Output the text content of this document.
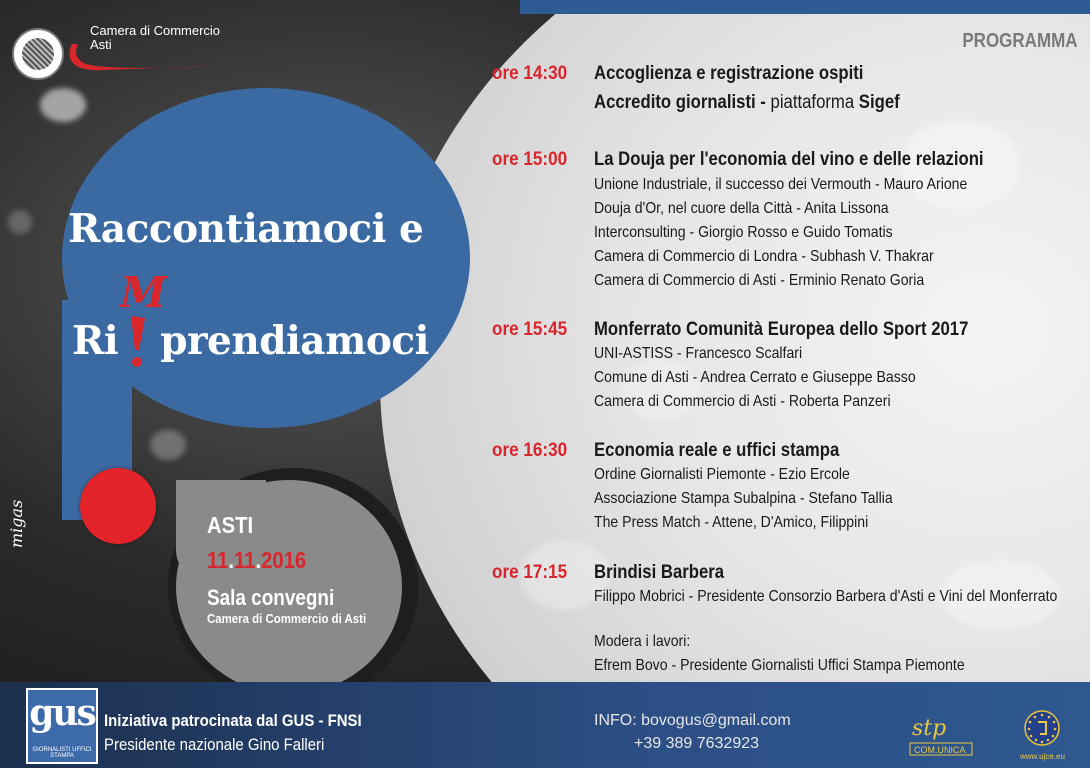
Camera di Commercio
Asti
Raccontiamoci e
Ri prendiamoci
M
migas	ASTI
11.11.2016
Sala convegni
Camera di Commercio di Asti
PROGRAMMA
ore 14:30 Accoglienza e registrazione ospiti
Accredito giornalisti - piattaforma Sigef
ore 15:00 La Douja per l'economia del vino e delle relazioni
Unione Industriale, il successo dei Vermouth - Mauro Arione
Douja d'Or, nel cuore della Città - Anita Lissona
Interconsulting - Giorgio Rosso e Guido Tomatis
Camera di Commercio di Londra - Subhash V. Thakrar
Camera di Commercio di Asti - Erminio Renato Goria
ore 15:45 Monferrato Comunità Europea dello Sport 2017
UNI-ASTISS - Francesco Scalfari
Comune di Asti - Andrea Cerrato e Giuseppe Basso
Camera di Commercio di Asti - Roberta Panzeri
ore 16:30 Economia reale e uffici stampa
Ordine Giornalisti Piemonte - Ezio Ercole
Associazione Stampa Subalpina - Stefano Tallia
The Press Match - Attene, D'Amico, Filippini
ore 17:15 Brindisi Barbera
Filippo Mobrici - Presidente Consorzio Barbera d'Asti e Vini del Monferrato
Modera i lavori:
Efrem Bovo - Presidente Giornalisti Uffici Stampa Piemonte
gus
GIORNALISTI UFFICI STAMPA
Iniziativa patrocinata dal GUS - FNSI
Presidente nazionale Gino Falleri
INFO: bovogus@gmail.com
+39 389 7632923
stp
COM.UNICA
www.ujce.eu
